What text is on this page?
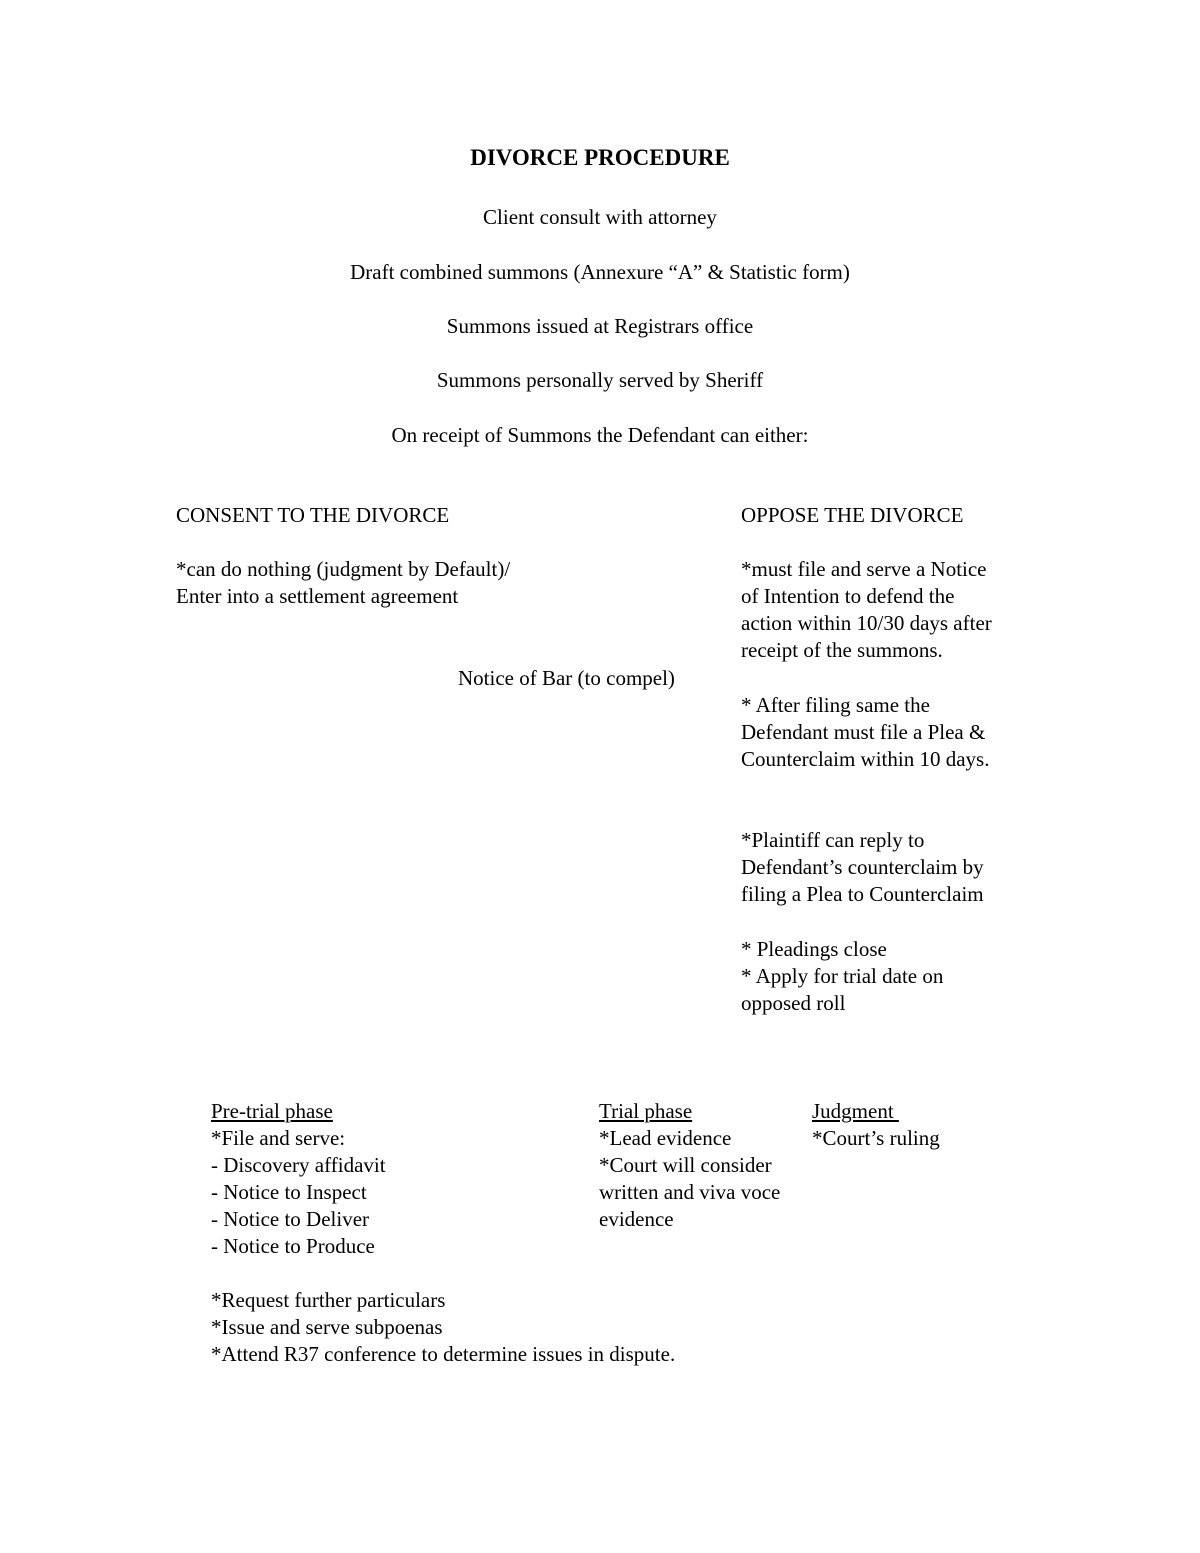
DIVORCE PROCEDURE
Client consult with attorney
Draft combined summons (Annexure “A” & Statistic form)
Summons issued at Registrars office
Summons personally served by Sheriff
On receipt of Summons the Defendant can either:
CONSENT TO THE DIVORCE
*can do nothing (judgment by Default)/
Enter into a settlement agreement
Notice of Bar (to compel)
OPPOSE THE DIVORCE
*must file and serve a Notice
of Intention to defend the
action within 10/30 days after
receipt of the summons.
* After filing same the
Defendant must file a Plea &
Counterclaim within 10 days.
*Plaintiff can reply to
Defendant’s counterclaim by
filing a Plea to Counterclaim
* Pleadings close
* Apply for trial date on
opposed roll
Pre-trial phase
*File and serve:
- Discovery affidavit
- Notice to Inspect
- Notice to Deliver
- Notice to Produce
*Request further particulars
*Issue and serve subpoenas
*Attend R37 conference to determine issues in dispute.
Trial phase
*Lead evidence
*Court will consider
written and viva voce
evidence
Judgment
*Court’s ruling
